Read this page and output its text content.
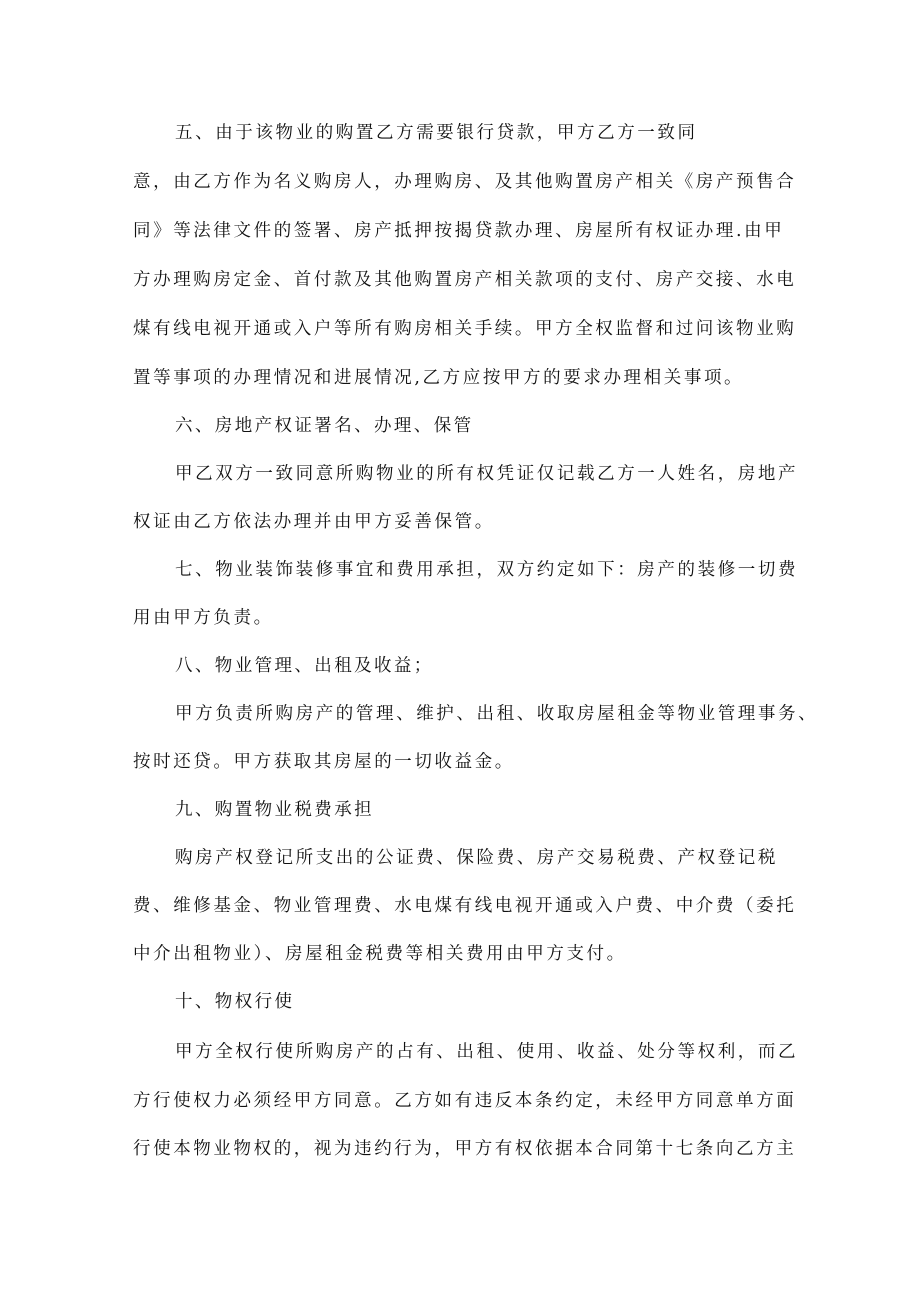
五、由于该物业的购置乙方需要银行贷款，甲方乙方一致同
意，由乙方作为名义购房人，办理购房、及其他购置房产相关《房产预售合
同》等法律文件的签署、房产抵押按揭贷款办理、房屋所有权证办理.由甲
方办理购房定金、首付款及其他购置房产相关款项的支付、房产交接、水电
煤有线电视开通或入户等所有购房相关手续。甲方全权监督和过问该物业购
置等事项的办理情况和进展情况,乙方应按甲方的要求办理相关事项。
六、房地产权证署名、办理、保管
甲乙双方一致同意所购物业的所有权凭证仅记载乙方一人姓名，房地产
权证由乙方依法办理并由甲方妥善保管。
七、物业装饰装修事宜和费用承担，双方约定如下：房产的装修一切费
用由甲方负责。
八、物业管理、出租及收益；
甲方负责所购房产的管理、维护、出租、收取房屋租金等物业管理事务、
按时还贷。甲方获取其房屋的一切收益金。
九、购置物业税费承担
购房产权登记所支出的公证费、保险费、房产交易税费、产权登记税
费、维修基金、物业管理费、水电煤有线电视开通或入户费、中介费（委托
中介出租物业）、房屋租金税费等相关费用由甲方支付。
十、物权行使
甲方全权行使所购房产的占有、出租、使用、收益、处分等权利，而乙
方行使权力必须经甲方同意。乙方如有违反本条约定，未经甲方同意单方面
行使本物业物权的，视为违约行为，甲方有权依据本合同第十七条向乙方主
